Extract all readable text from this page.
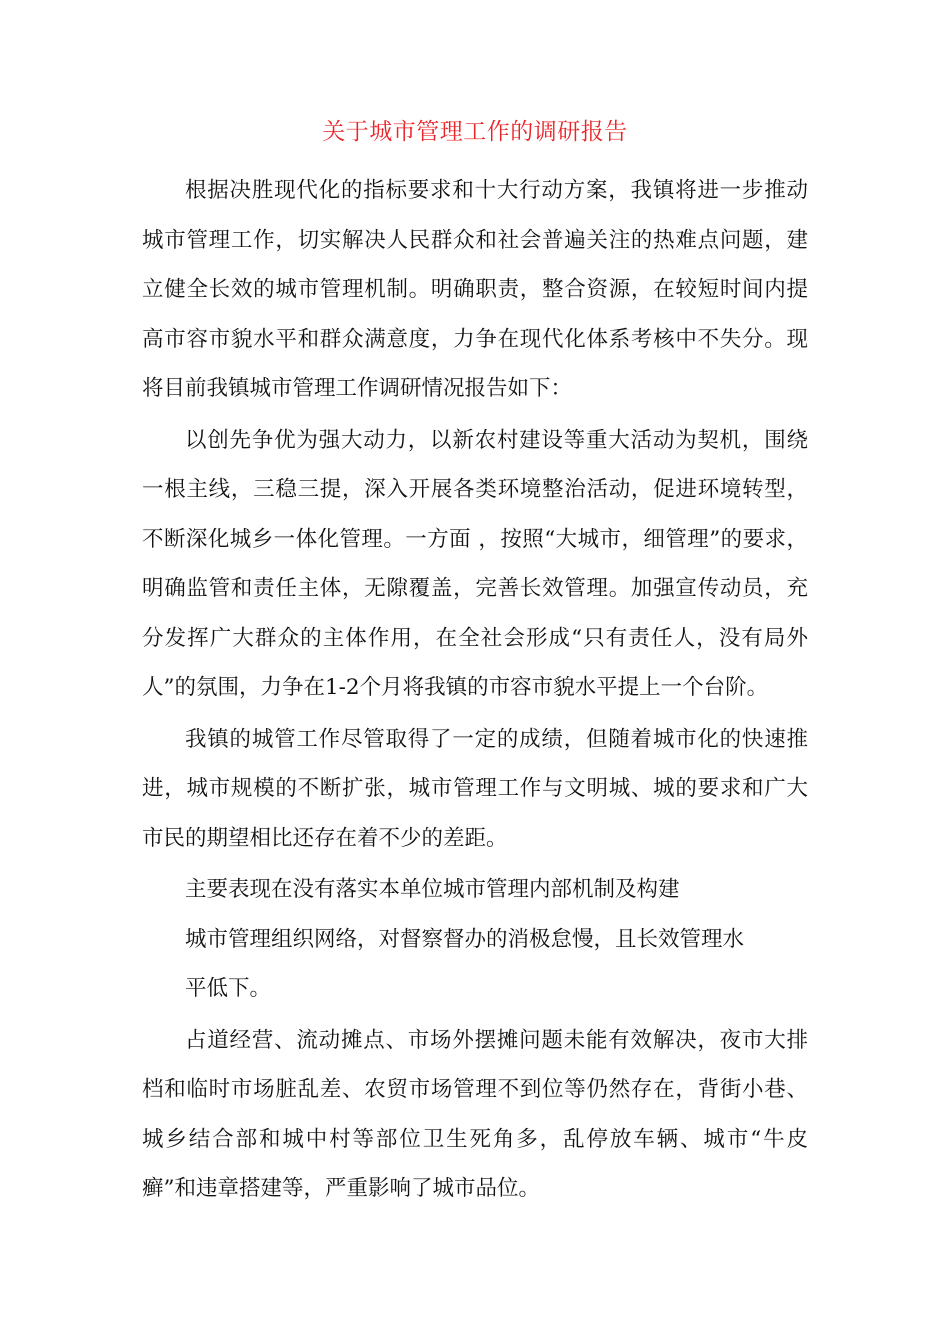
关于城市管理工作的调研报告

根据决胜现代化的指标要求和十大行动方案，我镇将进一步推动城市管理工作，切实解决人民群众和社会普遍关注的热难点问题，建立健全长效的城市管理机制。明确职责，整合资源，在较短时间内提高市容市貌水平和群众满意度，力争在现代化体系考核中不失分。现将目前我镇城市管理工作调研情况报告如下：

以创先争优为强大动力，以新农村建设等重大活动为契机，围绕一根主线，三稳三提，深入开展各类环境整治活动，促进环境转型，不断深化城乡一体化管理。一方面 ，按照“大城市，细管理”的要求，明确监管和责任主体，无隙覆盖，完善长效管理。加强宣传动员，充分发挥广大群众的主体作用，在全社会形成“只有责任人，没有局外人”的氛围，力争在1-2个月将我镇的市容市貌水平提上一个台阶。

我镇的城管工作尽管取得了一定的成绩，但随着城市化的快速推进，城市规模的不断扩张，城市管理工作与文明城、城的要求和广大市民的期望相比还存在着不少的差距。

主要表现在没有落实本单位城市管理内部机制及构建

城市管理组织网络，对督察督办的消极怠慢，且长效管理水

平低下。

占道经营、流动摊点、市场外摆摊问题未能有效解决，夜市大排档和临时市场脏乱差、农贸市场管理不到位等仍然存在，背街小巷、城乡结合部和城中村等部位卫生死角多，乱停放车辆、城市“牛皮癣”和违章搭建等，严重影响了城市品位。
